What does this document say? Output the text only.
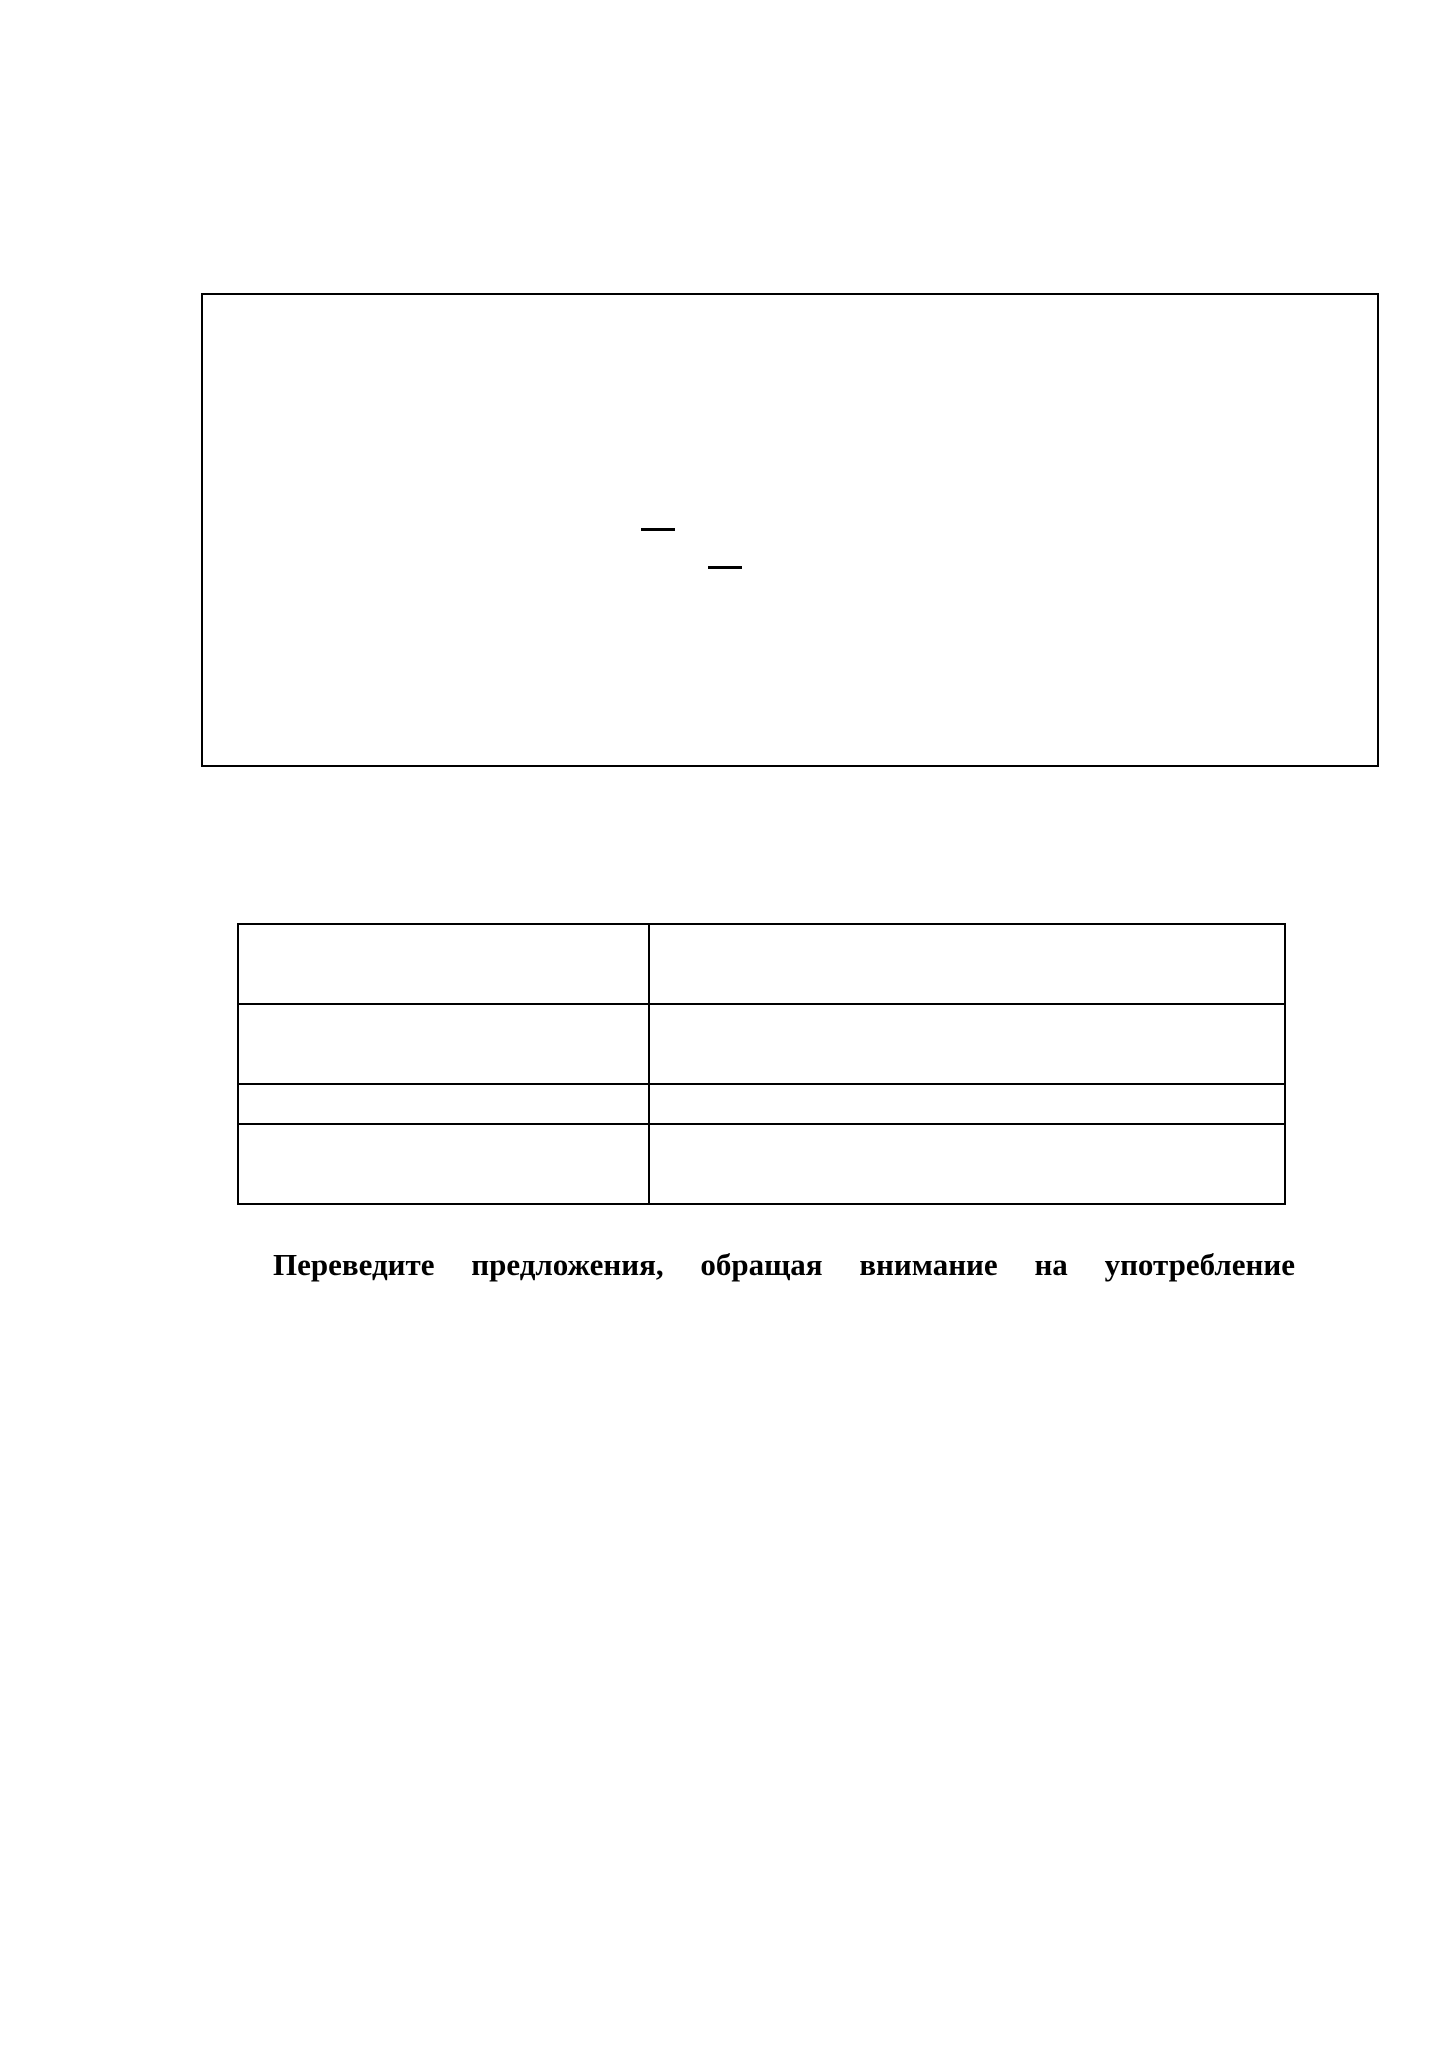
Переведите предложения, обращая внимание на употребление
